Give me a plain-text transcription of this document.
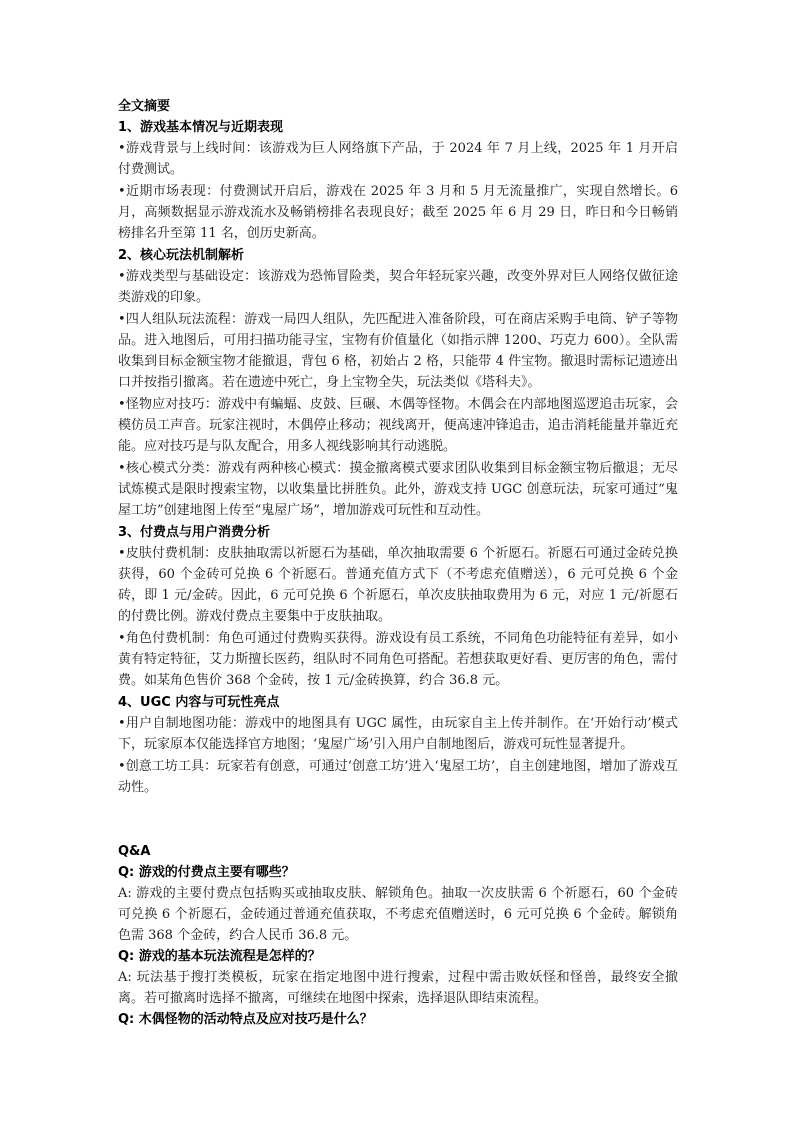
全文摘要

1、游戏基本情况与近期表现

•游戏背景与上线时间：该游戏为巨人网络旗下产品，于 2024 年 7 月上线，2025 年 1 月开启付费测试。

•近期市场表现：付费测试开启后，游戏在 2025 年 3 月和 5 月无流量推广，实现自然增长。6 月，高频数据显示游戏流水及畅销榜排名表现良好；截至 2025 年 6 月 29 日，昨日和今日畅销榜排名升至第 11 名，创历史新高。

2、核心玩法机制解析

•游戏类型与基础设定：该游戏为恐怖冒险类，契合年轻玩家兴趣，改变外界对巨人网络仅做征途类游戏的印象。

•四人组队玩法流程：游戏一局四人组队，先匹配进入准备阶段，可在商店采购手电筒、铲子等物品。进入地图后，可用扫描功能寻宝，宝物有价值量化（如指示牌 1200、巧克力 600）。全队需收集到目标金额宝物才能撤退，背包 6 格，初始占 2 格，只能带 4 件宝物。撤退时需标记遗迹出口并按指引撤离。若在遗迹中死亡，身上宝物全失，玩法类似《塔科夫》。

•怪物应对技巧：游戏中有蝙蝠、皮鼓、巨碾、木偶等怪物。木偶会在内部地图巡逻追击玩家，会模仿员工声音。玩家注视时，木偶停止移动；视线离开，便高速冲锋追击，追击消耗能量并靠近充能。应对技巧是与队友配合，用多人视线影响其行动逃脱。

•核心模式分类：游戏有两种核心模式：摸金撤离模式要求团队收集到目标金额宝物后撤退；无尽试炼模式是限时搜索宝物，以收集量比拼胜负。此外，游戏支持 UGC 创意玩法，玩家可通过“鬼屋工坊”创建地图上传至“鬼屋广场”，增加游戏可玩性和互动性。

3、付费点与用户消费分析

•皮肤付费机制：皮肤抽取需以祈愿石为基础，单次抽取需要 6 个祈愿石。祈愿石可通过金砖兑换获得，60 个金砖可兑换 6 个祈愿石。普通充值方式下（不考虑充值赠送），6 元可兑换 6 个金砖，即 1 元/金砖。因此，6 元可兑换 6 个祈愿石，单次皮肤抽取费用为 6 元，对应 1 元/祈愿石的付费比例。游戏付费点主要集中于皮肤抽取。

•角色付费机制：角色可通过付费购买获得。游戏设有员工系统，不同角色功能特征有差异，如小黄有特定特征，艾力斯擅长医药，组队时不同角色可搭配。若想获取更好看、更厉害的角色，需付费。如某角色售价 368 个金砖，按 1 元/金砖换算，约合 36.8 元。

4、UGC 内容与可玩性亮点

•用户自制地图功能：游戏中的地图具有 UGC 属性，由玩家自主上传并制作。在‘开始行动’模式下，玩家原本仅能选择官方地图；‘鬼屋广场’引入用户自制地图后，游戏可玩性显著提升。

•创意工坊工具：玩家若有创意，可通过‘创意工坊’进入‘鬼屋工坊’，自主创建地图，增加了游戏互动性。

Q&A

Q: 游戏的付费点主要有哪些？

A: 游戏的主要付费点包括购买或抽取皮肤、解锁角色。抽取一次皮肤需 6 个祈愿石，60 个金砖可兑换 6 个祈愿石，金砖通过普通充值获取，不考虑充值赠送时，6 元可兑换 6 个金砖。解锁角色需 368 个金砖，约合人民币 36.8 元。

Q: 游戏的基本玩法流程是怎样的？

A: 玩法基于搜打类模板，玩家在指定地图中进行搜索，过程中需击败妖怪和怪兽，最终安全撤离。若可撤离时选择不撤离，可继续在地图中探索，选择退队即结束流程。

Q: 木偶怪物的活动特点及应对技巧是什么？
